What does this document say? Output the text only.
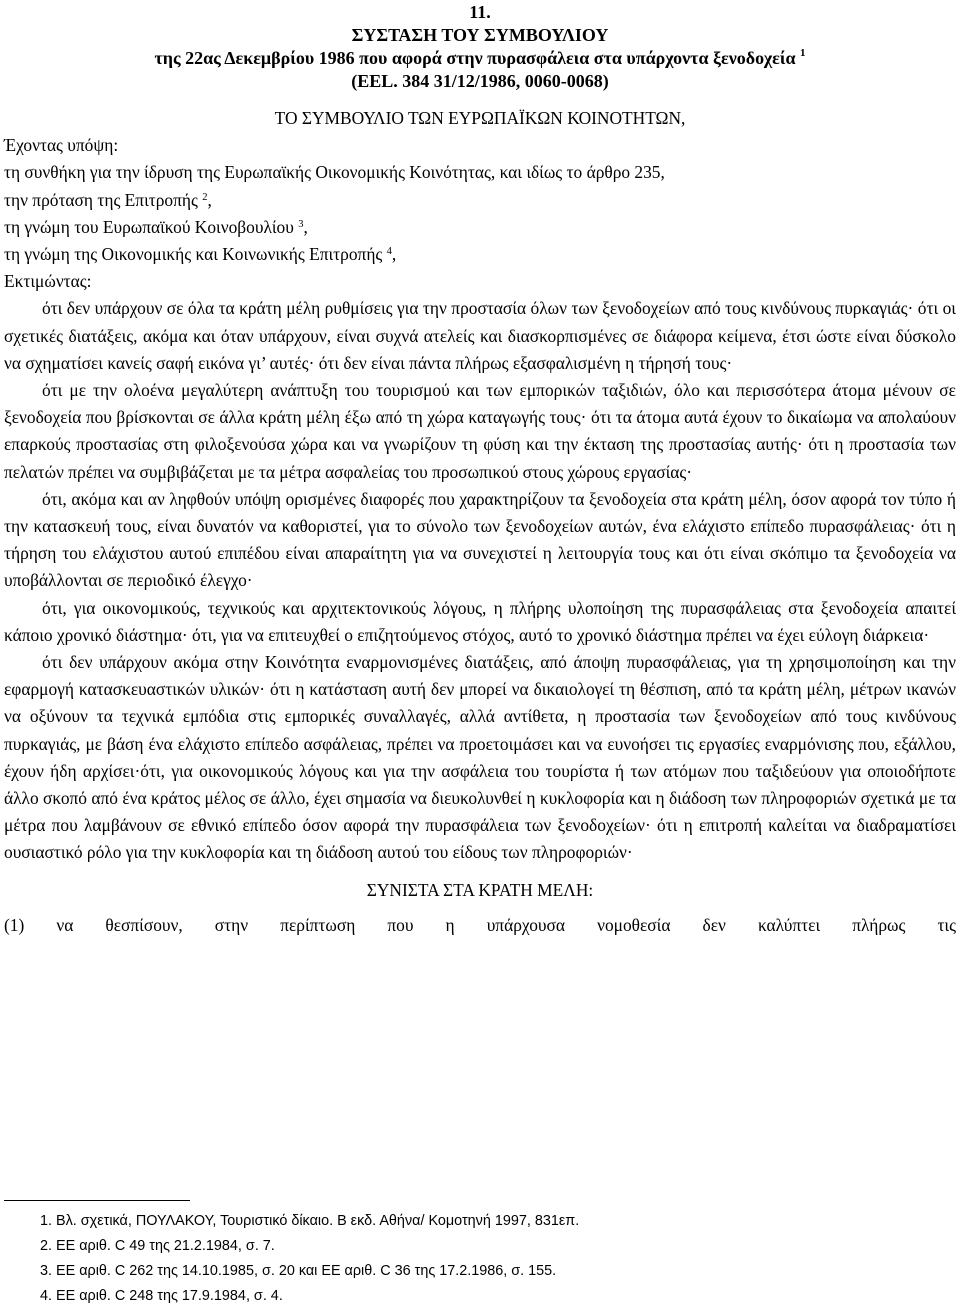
11.
ΣΥΣΤΑΣΗ ΤΟΥ ΣΥΜΒΟΥΛΙΟΥ
της 22ας Δεκεμβρίου 1986 που αφορά στην πυρασφάλεια στα υπάρχοντα ξενοδοχεία $^1$
(ΕΕL. 384 31/12/1986, 0060-0068)
ΤΟ ΣΥΜΒΟΥΛΙΟ ΤΩΝ ΕΥΡΩΠΑΪΚΩΝ ΚΟΙΝΟΤΗΤΩΝ,
Έχοντας υπόψη:
τη συνθήκη για την ίδρυση της Ευρωπαϊκής Οικονομικής Κοινότητας, και ιδίως το άρθρο 235,
την πρόταση της Επιτροπής $^2$,
τη γνώμη του Ευρωπαϊκού Κοινοβουλίου $^3$,
τη γνώμη της Οικονομικής και Κοινωνικής Επιτροπής $^4$,
Εκτιμώντας:
ότι δεν υπάρχουν σε όλα τα κράτη μέλη ρυθμίσεις για την προστασία όλων των ξενοδοχείων από τους κινδύνους πυρκαγιάς· ότι οι σχετικές διατάξεις, ακόμα και όταν υπάρχουν, είναι συχνά ατελείς και διασκορπισμένες σε διάφορα κείμενα, έτσι ώστε είναι δύσκολο να σχηματίσει κανείς σαφή εικόνα γι’ αυτές· ότι δεν είναι πάντα πλήρως εξασφαλισμένη η τήρησή τους·
ότι με την ολοένα μεγαλύτερη ανάπτυξη του τουρισμού και των εμπορικών ταξιδιών, όλο και περισσότερα άτομα μένουν σε ξενοδοχεία που βρίσκονται σε άλλα κράτη μέλη έξω από τη χώρα καταγωγής τους· ότι τα άτομα αυτά έχουν το δικαίωμα να απολαύουν επαρκούς προστασίας στη φιλοξενούσα χώρα και να γνωρίζουν τη φύση και την έκταση της προστασίας αυτής· ότι η προστασία των πελατών πρέπει να συμβιβάζεται με τα μέτρα ασφαλείας του προσωπικού στους χώρους εργασίας·
ότι, ακόμα και αν ληφθούν υπόψη ορισμένες διαφορές που χαρακτηρίζουν τα ξενοδοχεία στα κράτη μέλη, όσον αφορά τον τύπο ή την κατασκευή τους, είναι δυνατόν να καθοριστεί, για το σύνολο των ξενοδοχείων αυτών, ένα ελάχιστο επίπεδο πυρασφάλειας· ότι η τήρηση του ελάχιστου αυτού επιπέδου είναι απαραίτητη για να συνεχιστεί η λειτουργία τους και ότι είναι σκόπιμο τα ξενοδοχεία να υποβάλλονται σε περιοδικό έλεγχο·
ότι, για οικονομικούς, τεχνικούς και αρχιτεκτονικούς λόγους, η πλήρης υλοποίηση της πυρασφάλειας στα ξενοδοχεία απαιτεί κάποιο χρονικό διάστημα· ότι, για να επιτευχθεί ο επιζητούμενος στόχος, αυτό το χρονικό διάστημα πρέπει να έχει εύλογη διάρκεια·
ότι δεν υπάρχουν ακόμα στην Κοινότητα εναρμονισμένες διατάξεις, από άποψη πυρασφάλειας, για τη χρησιμοποίηση και την εφαρμογή κατασκευαστικών υλικών· ότι η κατάσταση αυτή δεν μπορεί να δικαιολογεί τη θέσπιση, από τα κράτη μέλη, μέτρων ικανών να οξύνουν τα τεχνικά εμπόδια στις εμπορικές συναλλαγές, αλλά αντίθετα, η προστασία των ξενοδοχείων από τους κινδύνους πυρκαγιάς, με βάση ένα ελάχιστο επίπεδο ασφάλειας, πρέπει να προετοιμάσει και να ευνοήσει τις εργασίες εναρμόνισης που, εξάλλου, έχουν ήδη αρχίσει·ότι, για οικονομικούς λόγους και για την ασφάλεια του τουρίστα ή των ατόμων που ταξιδεύουν για οποιοδήποτε άλλο σκοπό από ένα κράτος μέλος σε άλλο, έχει σημασία να διευκολυνθεί η κυκλοφορία και η διάδοση των πληροφοριών σχετικά με τα μέτρα που λαμβάνουν σε εθνικό επίπεδο όσον αφορά την πυρασφάλεια των ξενοδοχείων· ότι η επιτροπή καλείται να διαδραματίσει ουσιαστικό ρόλο για την κυκλοφορία και τη διάδοση αυτού του είδους των πληροφοριών·
ΣΥΝΙΣΤΑ ΣΤΑ ΚΡΑΤΗ ΜΕΛΗ:
(1) να θεσπίσουν, στην περίπτωση που η υπάρχουσα νομοθεσία δεν καλύπτει πλήρως τις
1. Βλ. σχετικά, ΠΟΥΛΑΚΟΥ, Τουριστικό δίκαιο. Β εκδ. Αθήνα/ Κομοτηνή 1997, 831επ.
2. ΕΕ αριθ. C 49 της 21.2.1984, σ. 7.
3. ΕΕ αριθ. C 262 της 14.10.1985, σ. 20 και ΕΕ αριθ. C 36 της 17.2.1986, σ. 155.
4. ΕΕ αριθ. C 248 της 17.9.1984, σ. 4.
